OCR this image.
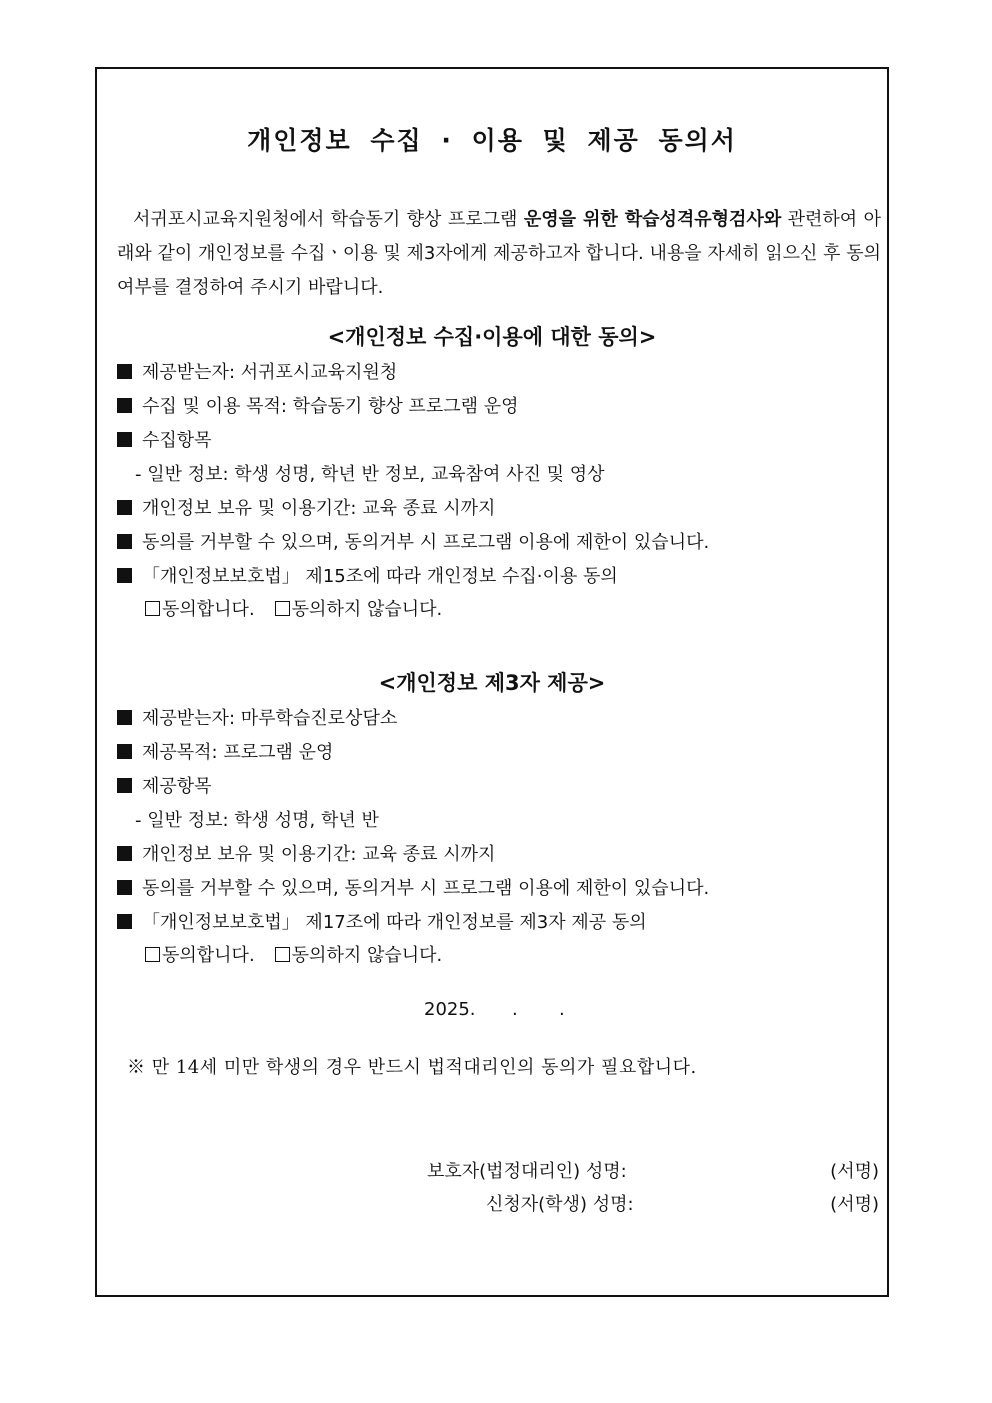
개인정보 수집 · 이용 및 제공 동의서
서귀포시교육지원청에서 학습동기 향상 프로그램 운영을 위한 학습성격유형검사와 관련하여 아래와 같이 개인정보를 수집ㆍ이용 및 제3자에게 제공하고자 합니다. 내용을 자세히 읽으신 후 동의 여부를 결정하여 주시기 바랍니다.
<개인정보 수집·이용에 대한 동의>
제공받는자: 서귀포시교육지원청
수집 및 이용 목적: 학습동기 향상 프로그램 운영
수집항목
- 일반 정보: 학생 성명, 학년 반 정보, 교육참여 사진 및 영상
개인정보 보유 및 이용기간: 교육 종료 시까지
동의를 거부할 수 있으며, 동의거부 시 프로그램 이용에 제한이 있습니다.
「개인정보보호법」 제15조에 따라 개인정보 수집·이용 동의
동의합니다. 동의하지 않습니다.
<개인정보 제3자 제공>
제공받는자: 마루학습진로상담소
제공목적: 프로그램 운영
제공항목
- 일반 정보: 학생 성명, 학년 반
개인정보 보유 및 이용기간: 교육 종료 시까지
동의를 거부할 수 있으며, 동의거부 시 프로그램 이용에 제한이 있습니다.
「개인정보보호법」 제17조에 따라 개인정보를 제3자 제공 동의
동의합니다. 동의하지 않습니다.
2025. . .
※ 만 14세 미만 학생의 경우 반드시 법적대리인의 동의가 필요합니다.
보호자(법정대리인) 성명:	(서명)
신청자(학생) 성명:	(서명)
